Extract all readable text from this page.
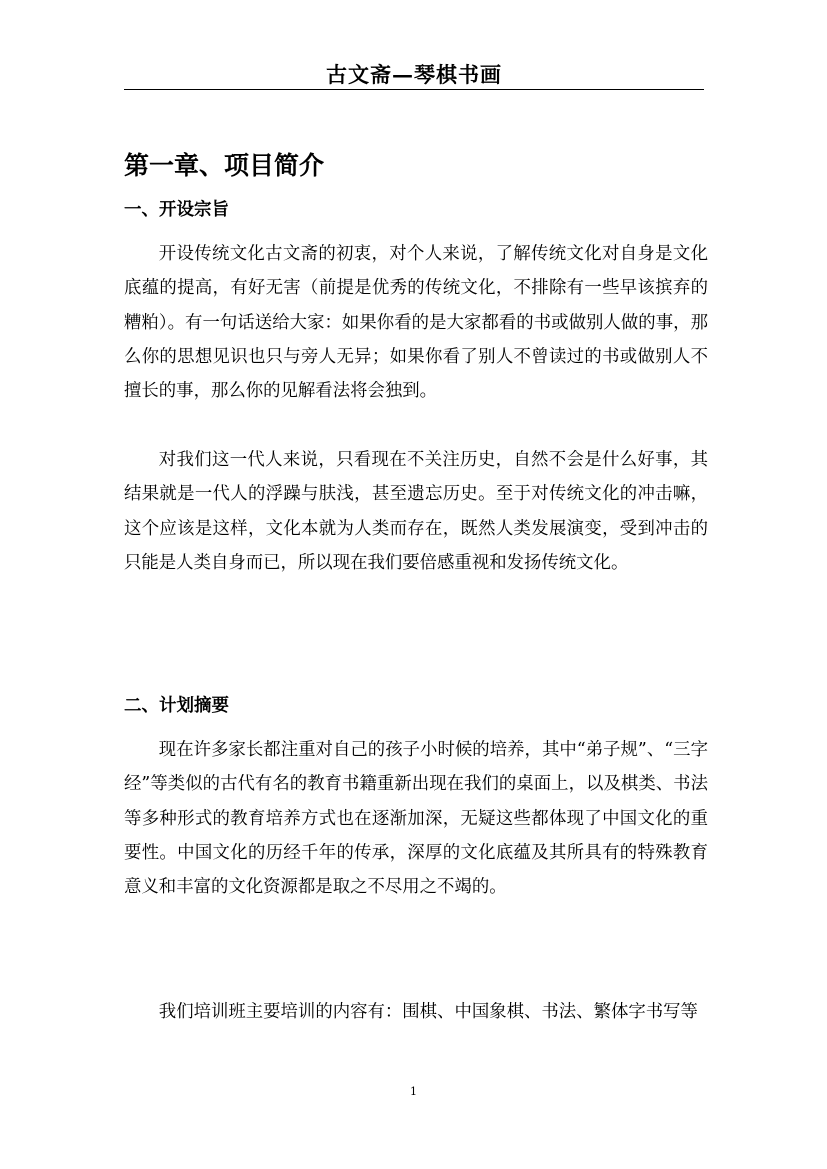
古文斋—琴棋书画
第一章、项目简介
一、开设宗旨

开设传统文化古文斋的初衷，对个人来说，了解传统文化对自身是文化底蕴的提高，有好无害（前提是优秀的传统文化，不排除有一些早该摈弃的糟粕）。有一句话送给大家：如果你看的是大家都看的书或做别人做的事，那么你的思想见识也只与旁人无异；如果你看了别人不曾读过的书或做别人不擅长的事，那么你的见解看法将会独到。

对我们这一代人来说，只看现在不关注历史，自然不会是什么好事，其结果就是一代人的浮躁与肤浅，甚至遗忘历史。至于对传统文化的冲击嘛，这个应该是这样，文化本就为人类而存在，既然人类发展演变，受到冲击的只能是人类自身而已，所以现在我们要倍感重视和发扬传统文化。

二、计划摘要

现在许多家长都注重对自己的孩子小时候的培养，其中“弟子规”、“三字经”等类似的古代有名的教育书籍重新出现在我们的桌面上，以及棋类、书法等多种形式的教育培养方式也在逐渐加深，无疑这些都体现了中国文化的重要性。中国文化的历经千年的传承，深厚的文化底蕴及其所具有的特殊教育意义和丰富的文化资源都是取之不尽用之不竭的。

我们培训班主要培训的内容有：围棋、中国象棋、书法、繁体字书写等

1
